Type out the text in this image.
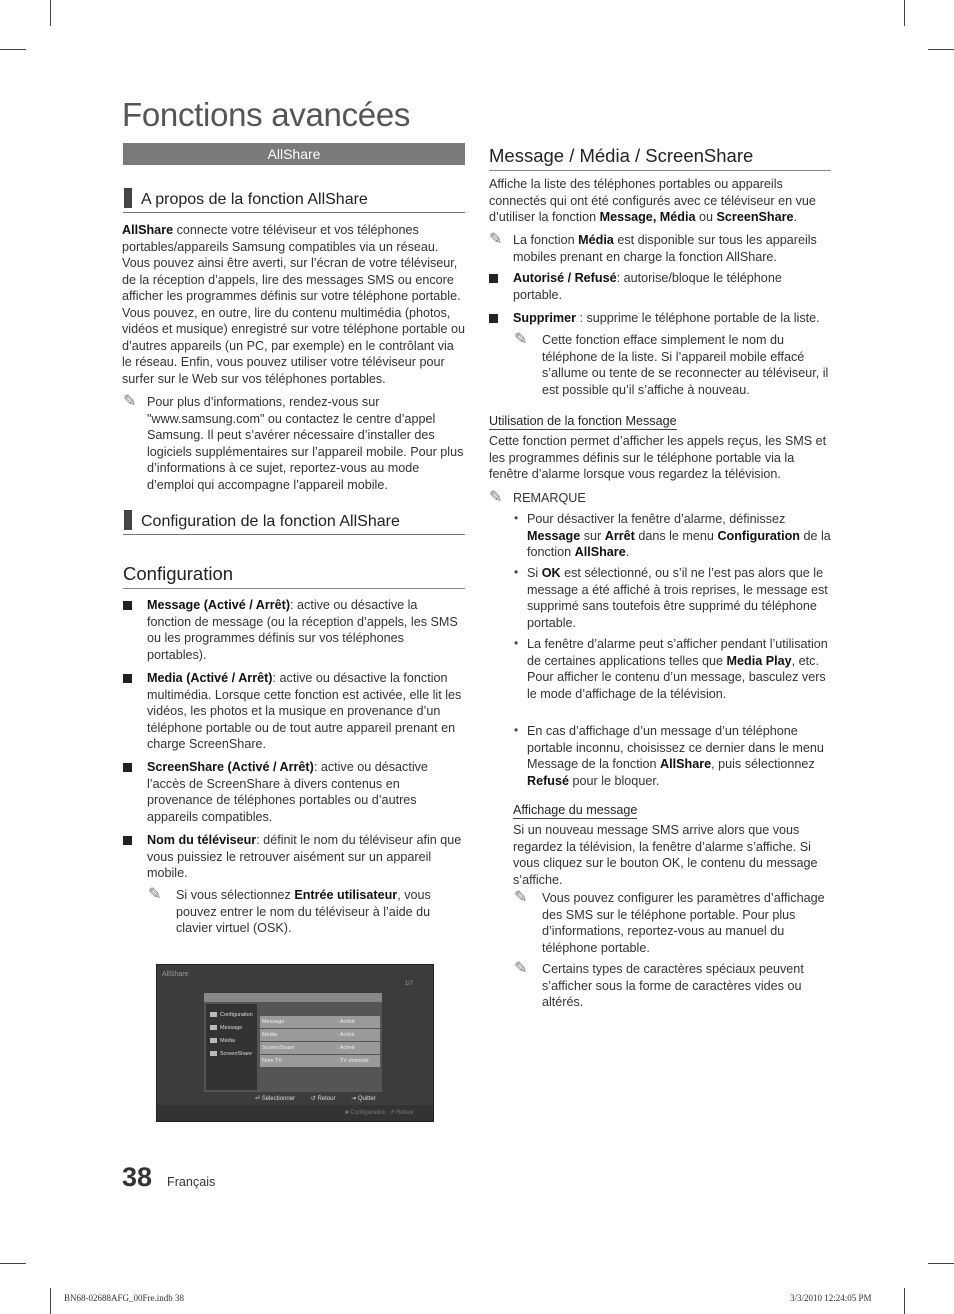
Fonctions avancées
AllShare
A propos de la fonction AllShare
AllShare connecte votre téléviseur et vos téléphones portables/appareils Samsung compatibles via un réseau. Vous pouvez ainsi être averti, sur l’écran de votre téléviseur, de la réception d’appels, lire des messages SMS ou encore afficher les programmes définis sur votre téléphone portable. Vous pouvez, en outre, lire du contenu multimédia (photos, vidéos et musique) enregistré sur votre téléphone portable ou d’autres appareils (un PC, par exemple) en le contrôlant via le réseau. Enfin, vous pouvez utiliser votre téléviseur pour surfer sur le Web sur vos téléphones portables.
✎ Pour plus d’informations, rendez-vous sur "www.samsung.com" ou contactez le centre d’appel Samsung. Il peut s’avérer nécessaire d’installer des logiciels supplémentaires sur l’appareil mobile. Pour plus d’informations à ce sujet, reportez-vous au mode d’emploi qui accompagne l’appareil mobile.
Configuration de la fonction AllShare
Configuration
Message (Activé / Arrêt): active ou désactive la fonction de message (ou la réception d’appels, les SMS ou les programmes définis sur vos téléphones portables).
Media (Activé / Arrêt): active ou désactive la fonction multimédia. Lorsque cette fonction est activée, elle lit les vidéos, les photos et la musique en provenance d’un téléphone portable ou de tout autre appareil prenant en charge ScreenShare.
ScreenShare (Activé / Arrêt): active ou désactive l’accès de ScreenShare à divers contenus en provenance de téléphones portables ou d’autres appareils compatibles.
Nom du téléviseur: définit le nom du téléviseur afin que vous puissiez le retrouver aisément sur un appareil mobile.
✎ Si vous sélectionnez Entrée utilisateur, vous pouvez entrer le nom du téléviseur à l’aide du clavier virtuel (OSK).
AllShare
1/7
Configuration
Message
Média
ScreenShare
Message	: Activé
Media	: Activé
ScreenShare	: Activé
Nom TV	: TV domicile
⏎ Sélectionner	↺ Retour	⇥ Quitter
■ Configuration ↺ Retour
Message / Média / ScreenShare
Affiche la liste des téléphones portables ou appareils connectés qui ont été configurés avec ce téléviseur en vue d’utiliser la fonction Message, Média ou ScreenShare.
✎ La fonction Média est disponible sur tous les appareils mobiles prenant en charge la fonction AllShare.
Autorisé / Refusé: autorise/bloque le téléphone portable.
Supprimer : supprime le téléphone portable de la liste.
✎ Cette fonction efface simplement le nom du téléphone de la liste. Si l’appareil mobile effacé s’allume ou tente de se reconnecter au téléviseur, il est possible qu’il s’affiche à nouveau.
Utilisation de la fonction Message
Cette fonction permet d’afficher les appels reçus, les SMS et les programmes définis sur le téléphone portable via la fenêtre d’alarme lorsque vous regardez la télévision.
✎ REMARQUE
• Pour désactiver la fenêtre d’alarme, définissez Message sur Arrêt dans le menu Configuration de la fonction AllShare.
• Si OK est sélectionné, ou s’il ne l’est pas alors que le message a été affiché à trois reprises, le message est supprimé sans toutefois être supprimé du téléphone portable.
• La fenêtre d’alarme peut s’afficher pendant l’utilisation de certaines applications telles que Media Play, etc. Pour afficher le contenu d’un message, basculez vers le mode d’affichage de la télévision.
• En cas d’affichage d’un message d’un téléphone portable inconnu, choisissez ce dernier dans le menu Message de la fonction AllShare, puis sélectionnez Refusé pour le bloquer.
Affichage du message
Si un nouveau message SMS arrive alors que vous regardez la télévision, la fenêtre d’alarme s’affiche. Si vous cliquez sur le bouton OK, le contenu du message s’affiche.
✎ Vous pouvez configurer les paramètres d’affichage des SMS sur le téléphone portable. Pour plus d’informations, reportez-vous au manuel du téléphone portable.
✎ Certains types de caractères spéciaux peuvent s’afficher sous la forme de caractères vides ou altérés.
38 Français
BN68-02688AFG_00Fre.indb 38	3/3/2010 12:24:05 PM
